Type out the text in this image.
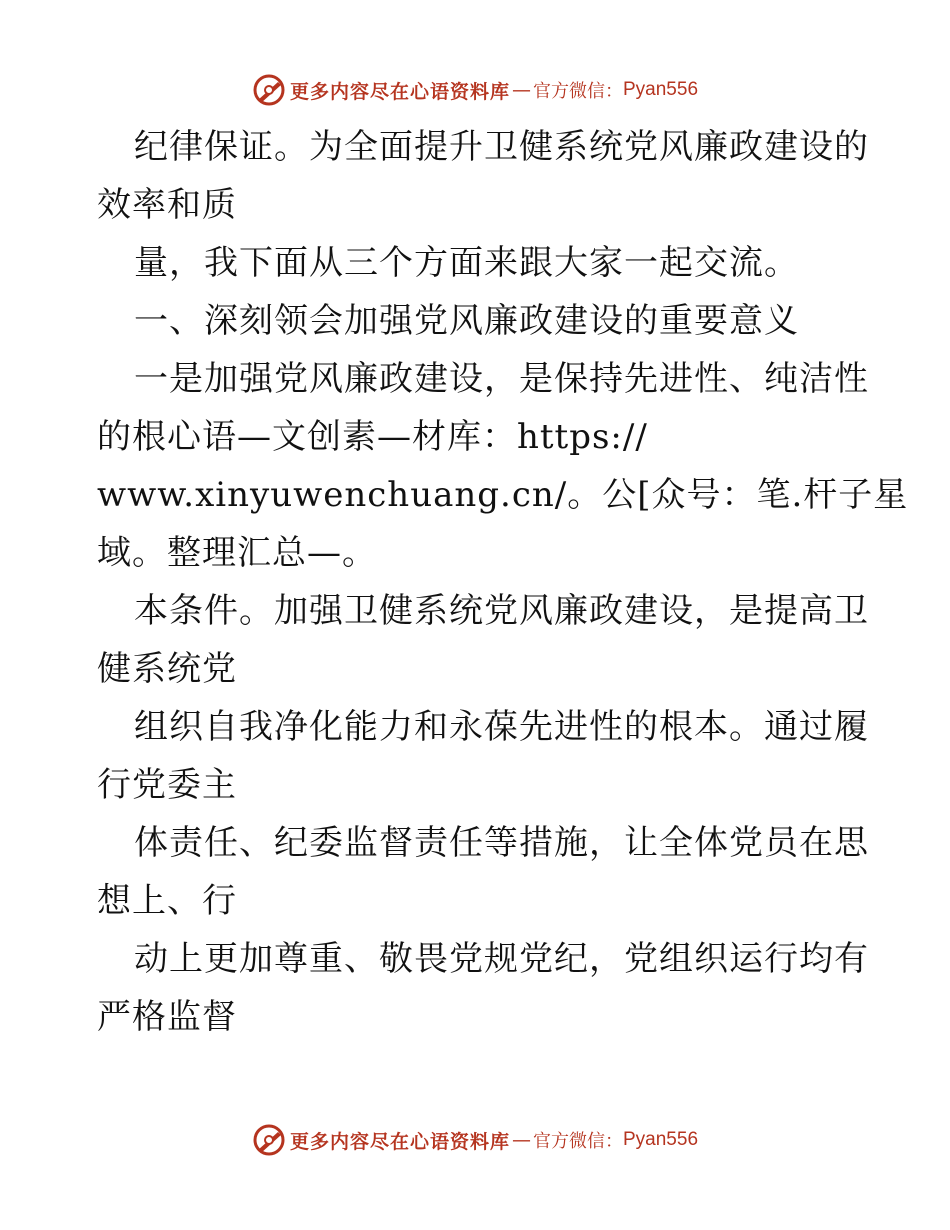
更多内容尽在心语资料库 — 官方微信： Pyan556

纪律保证。为全面提升卫健系统党风廉政建设的

效率和质

量，我下面从三个方面来跟大家一起交流。

一、深刻领会加强党风廉政建设的重要意义

一是加强党风廉政建设，是保持先进性、纯洁性

的根心语—文创素—材库：https://

www.xinyuwenchuang.cn/。公[众号：笔.杆子星

域。整理汇总—。

本条件。加强卫健系统党风廉政建设，是提高卫

健系统党

组织自我净化能力和永葆先进性的根本。通过履

行党委主

体责任、纪委监督责任等措施，让全体党员在思

想上、行

动上更加尊重、敬畏党规党纪，党组织运行均有

严格监督

更多内容尽在心语资料库 — 官方微信： Pyan556
